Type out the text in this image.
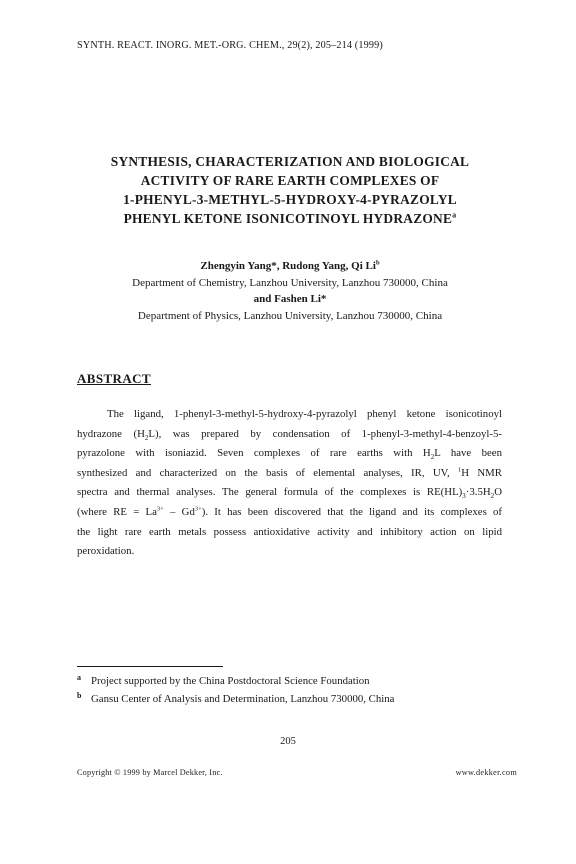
SYNTH. REACT. INORG. MET.-ORG. CHEM., 29(2), 205–214 (1999)
SYNTHESIS, CHARACTERIZATION AND BIOLOGICAL
ACTIVITY OF RARE EARTH COMPLEXES OF
1-PHENYL-3-METHYL-5-HYDROXY-4-PYRAZOLYL
PHENYL KETONE ISONICOTINOYL HYDRAZONE$^a$
Zhengyin Yang*, Rudong Yang, Qi Li$^b$
Department of Chemistry, Lanzhou University, Lanzhou 730000, China
and Fashen Li*
Department of Physics, Lanzhou University, Lanzhou 730000, China
ABSTRACT
The ligand, 1-phenyl-3-methyl-5-hydroxy-4-pyrazolyl phenyl ketone isonicotinoyl
hydrazone $(H_2L)$, was prepared by condensation of 1-phenyl-3-methyl-4-benzoyl-5-
pyrazolone with isoniazid. Seven complexes of rare earths with $H_2L$ have been
synthesized and characterized on the basis of elemental analyses, IR, UV, $^1$H NMR
spectra and thermal analyses. The general formula of the complexes is $RE(HL)_3\cdot 3.5H_2O$
(where RE = $La^{3+} - Gd^{3+}$). It has been discovered that the ligand and its complexes of
the light rare earth metals possess antioxidative activity and inhibitory action on lipid
peroxidation.
a Project supported by the China Postdoctoral Science Foundation
b Gansu Center of Analysis and Determination, Lanzhou 730000, China
205
Copyright © 1999 by Marcel Dekker, Inc.	www.dekker.com
